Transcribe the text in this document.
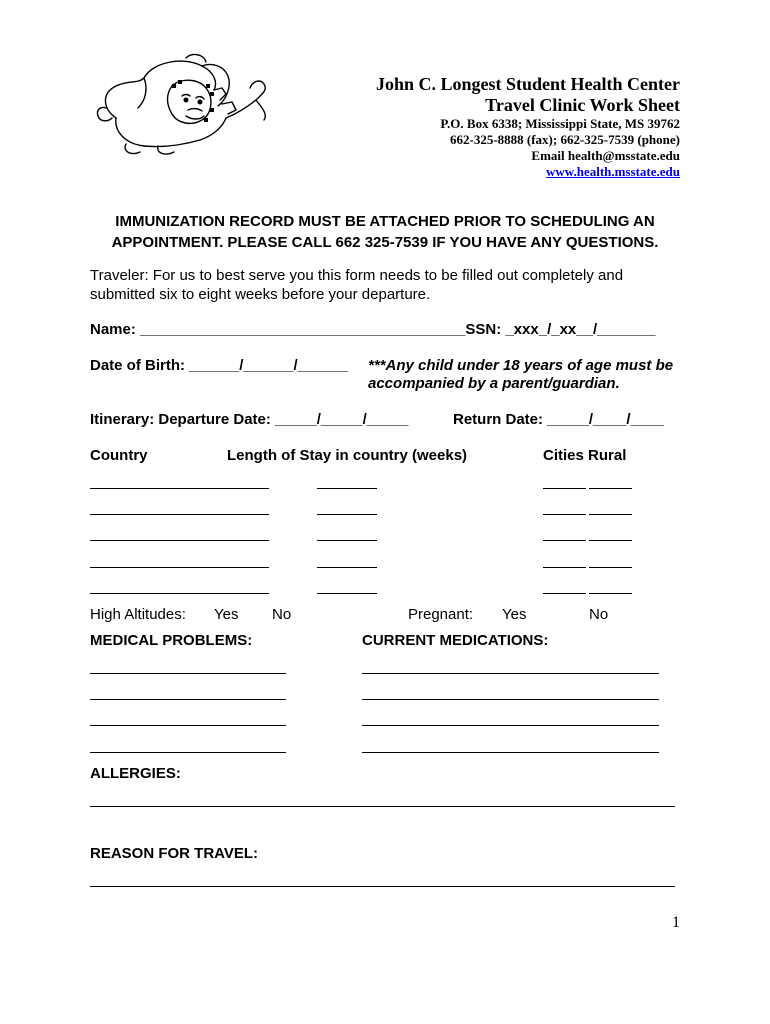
John C. Longest Student Health Center
Travel Clinic Work Sheet
P.O. Box 6338; Mississippi State, MS 39762
662-325-8888 (fax); 662-325-7539 (phone)
Email health@msstate.edu
www.health.msstate.edu
IMMUNIZATION RECORD MUST BE ATTACHED PRIOR TO SCHEDULING AN
APPOINTMENT. PLEASE CALL 662 325-7539 IF YOU HAVE ANY QUESTIONS.
Traveler: For us to best serve you this form needs to be filled out completely and
submitted six to eight weeks before your departure.
Name: _______________________________________SSN: _xxx_/_xx__/_______
Date of Birth: ______/______/______ ***Any child under 18 years of age must be
accompanied by a parent/guardian.
Itinerary: Departure Date: _____/_____/_____	Return Date: _____/____/____
Country	Length of Stay in country (weeks)	Cities Rural
High Altitudes: Yes No	Pregnant: Yes	No
MEDICAL PROBLEMS:	CURRENT MEDICATIONS:
ALLERGIES:
REASON FOR TRAVEL:
1
